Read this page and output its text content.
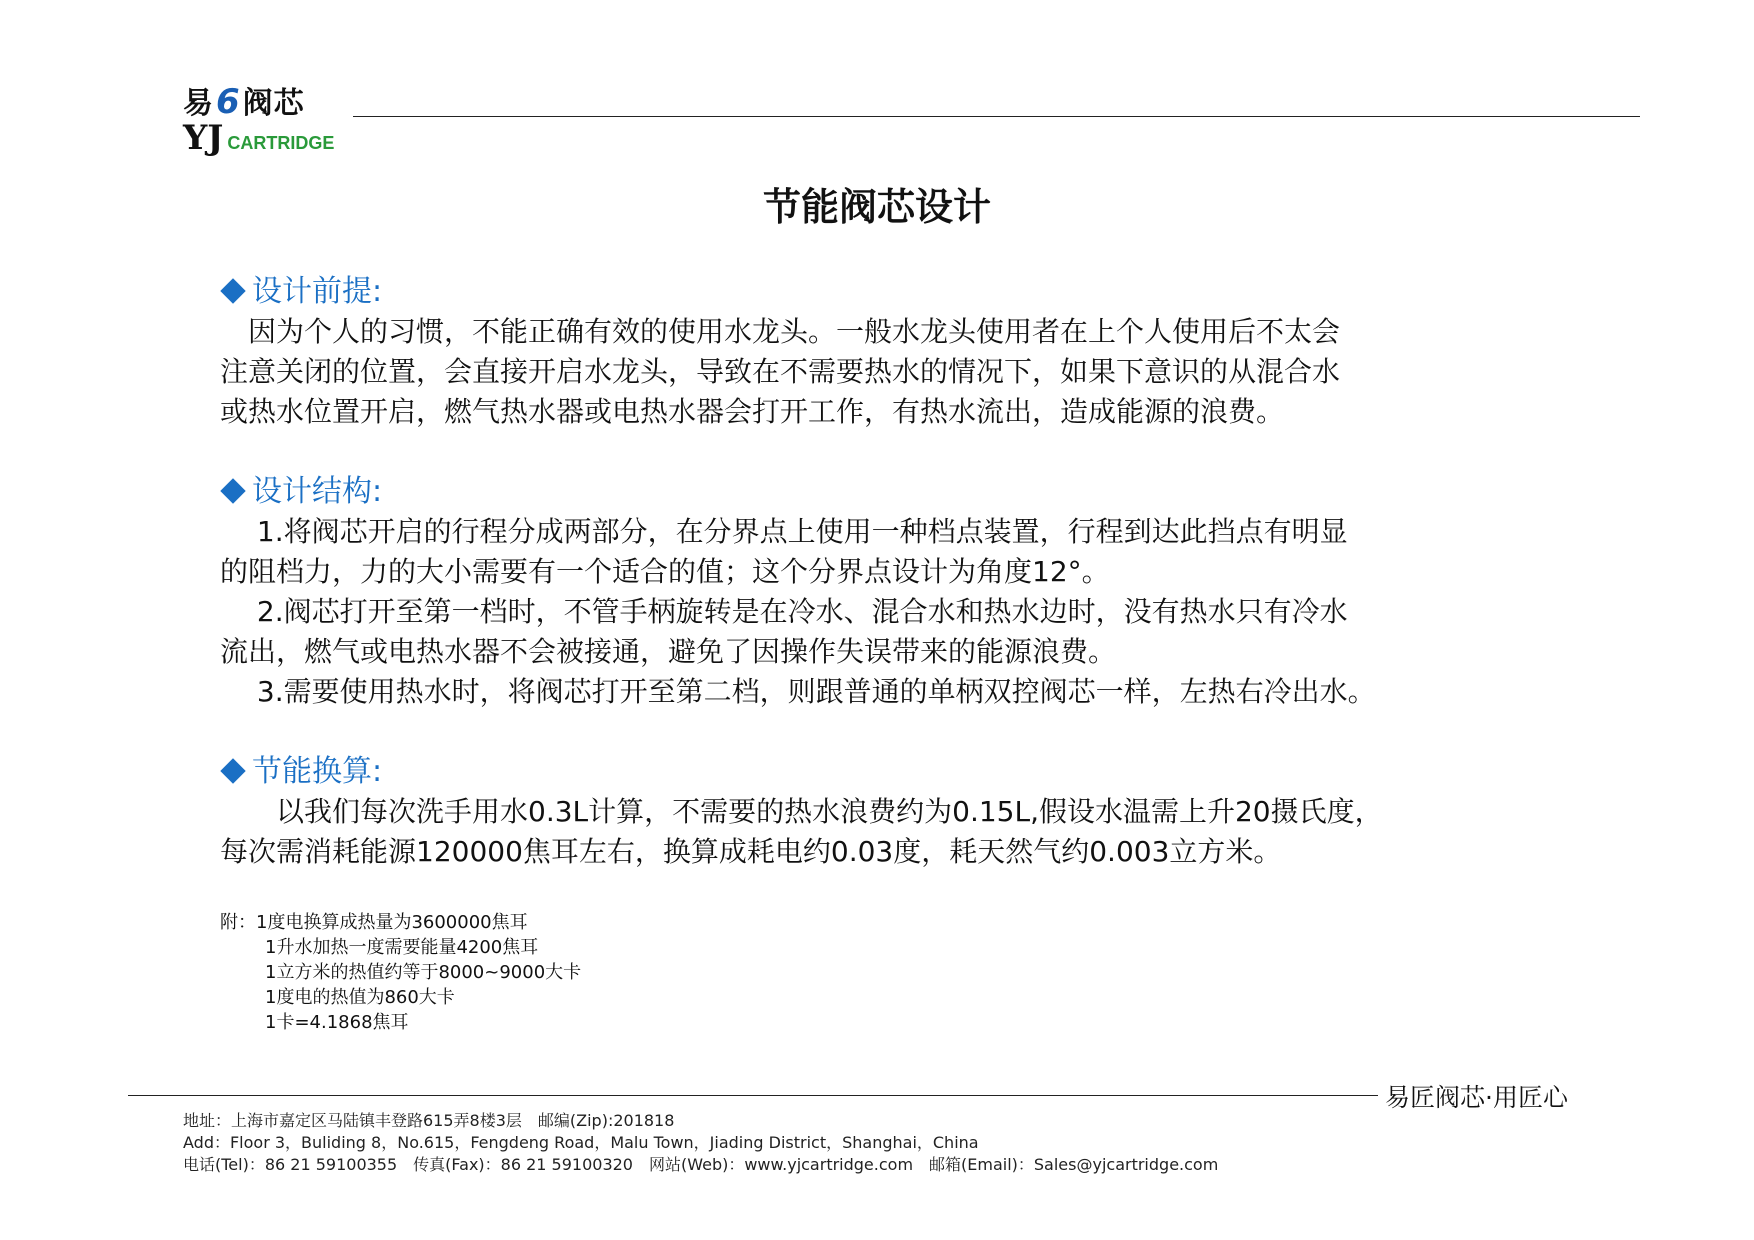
易6阀芯
YJ CARTRIDGE
节能阀芯设计
设计前提:

　因为个人的习惯，不能正确有效的使用水龙头。一般水龙头使用者在上个人使用后不太会

注意关闭的位置，会直接开启水龙头，导致在不需要热水的情况下，如果下意识的从混合水

或热水位置开启，燃气热水器或电热水器会打开工作，有热水流出，造成能源的浪费。

设计结构:

　 1.将阀芯开启的行程分成两部分，在分界点上使用一种档点装置，行程到达此挡点有明显

的阻档力，力的大小需要有一个适合的值；这个分界点设计为角度12°。

　 2.阀芯打开至第一档时，不管手柄旋转是在冷水、混合水和热水边时，没有热水只有冷水

流出，燃气或电热水器不会被接通，避免了因操作失误带来的能源浪费。

　 3.需要使用热水时，将阀芯打开至第二档，则跟普通的单柄双控阀芯一样，左热右冷出水。

节能换算:

　　以我们每次洗手用水0.3L计算，不需要的热水浪费约为0.15L,假设水温需上升20摄氏度，

每次需消耗能源120000焦耳左右，换算成耗电约0.03度，耗天然气约0.003立方米。

附：1度电换算成热量为3600000焦耳

1升水加热一度需要能量4200焦耳

1立方米的热值约等于8000~9000大卡

1度电的热值为860大卡

1卡=4.1868焦耳

易匠阀芯·用匠心

地址：上海市嘉定区马陆镇丰登路615弄8楼3层　邮编(Zip):201818

Add：Floor 3，Buliding 8，No.615，Fengdeng Road，Malu Town，Jiading District，Shanghai，China

电话(Tel)：86 21 59100355　传真(Fax)：86 21 59100320　网站(Web)：www.yjcartridge.com　邮箱(Email)：Sales@yjcartridge.com
